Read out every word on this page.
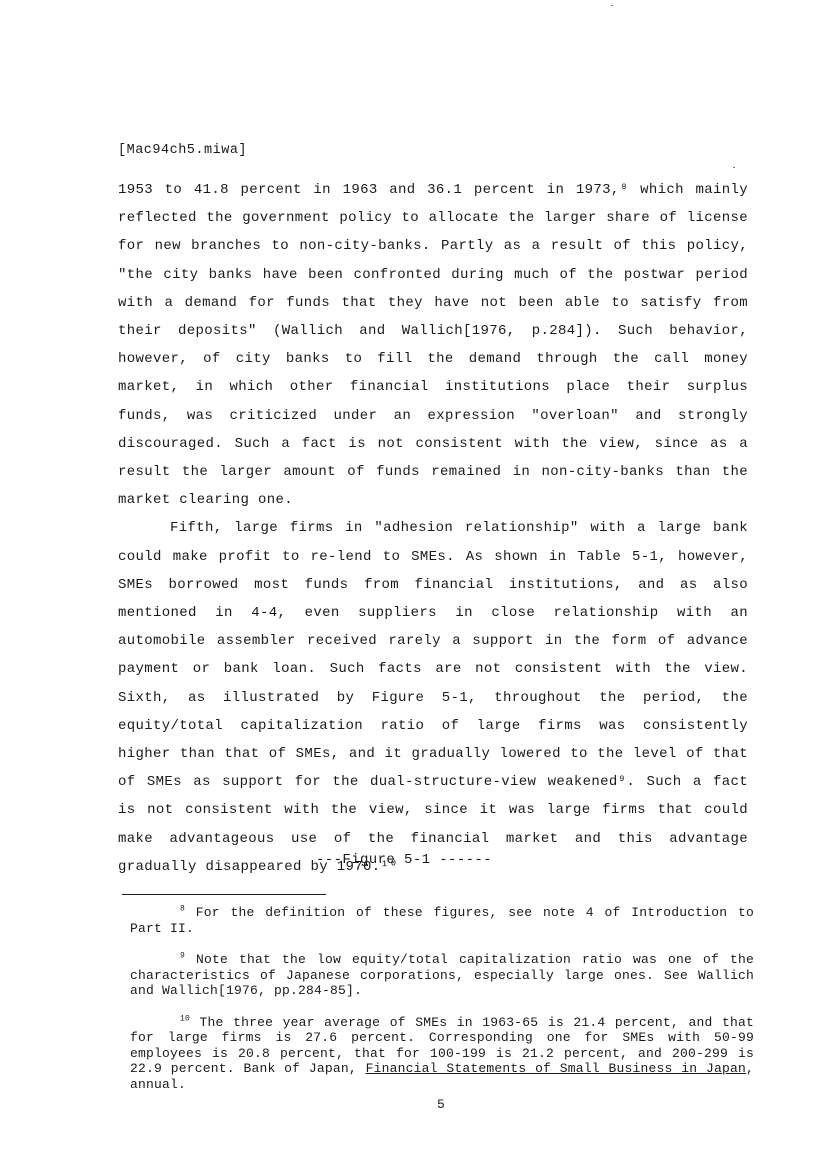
[Mac94ch5.miwa]

1953 to 41.8 percent in 1963 and 36.1 percent in 1973,⁸ which mainly reflected the government policy to allocate the larger share of license for new branches to non-city-banks. Partly as a result of this policy, "the city banks have been confronted during much of the postwar period with a demand for funds that they have not been able to satisfy from their deposits" (Wallich and Wallich[1976, p.284]). Such behavior, however, of city banks to fill the demand through the call money market, in which other financial institutions place their surplus funds, was criticized under an expression "overloan" and strongly discouraged. Such a fact is not consistent with the view, since as a result the larger amount of funds remained in non-city-banks than the market clearing one.

Fifth, large firms in "adhesion relationship" with a large bank could make profit to re-lend to SMEs. As shown in Table 5-1, however, SMEs borrowed most funds from financial institutions, and as also mentioned in 4-4, even suppliers in close relationship with an automobile assembler received rarely a support in the form of advance payment or bank loan. Such facts are not consistent with the view. Sixth, as illustrated by Figure 5-1, throughout the period, the equity/total capitalization ratio of large firms was consistently higher than that of SMEs, and it gradually lowered to the level of that of SMEs as support for the dual-structure-view weakened⁹. Such a fact is not consistent with the view, since it was large firms that could make advantageous use of the financial market and this advantage gradually disappeared by 1970.¹⁰

---Figure 5-1 ------

$^8$ For the definition of these figures, see note 4 of Introduction to Part II.

$^9$ Note that the low equity/total capitalization ratio was one of the characteristics of Japanese corporations, especially large ones. See Wallich and Wallich[1976, pp.284-85].

$^{10}$ The three year average of SMEs in 1963-65 is 21.4 percent, and that for large firms is 27.6 percent. Corresponding one for SMEs with 50-99 employees is 20.8 percent, that for 100-199 is 21.2 percent, and 200-299 is 22.9 percent. Bank of Japan, Financial Statements of Small Business in Japan, annual.

5
